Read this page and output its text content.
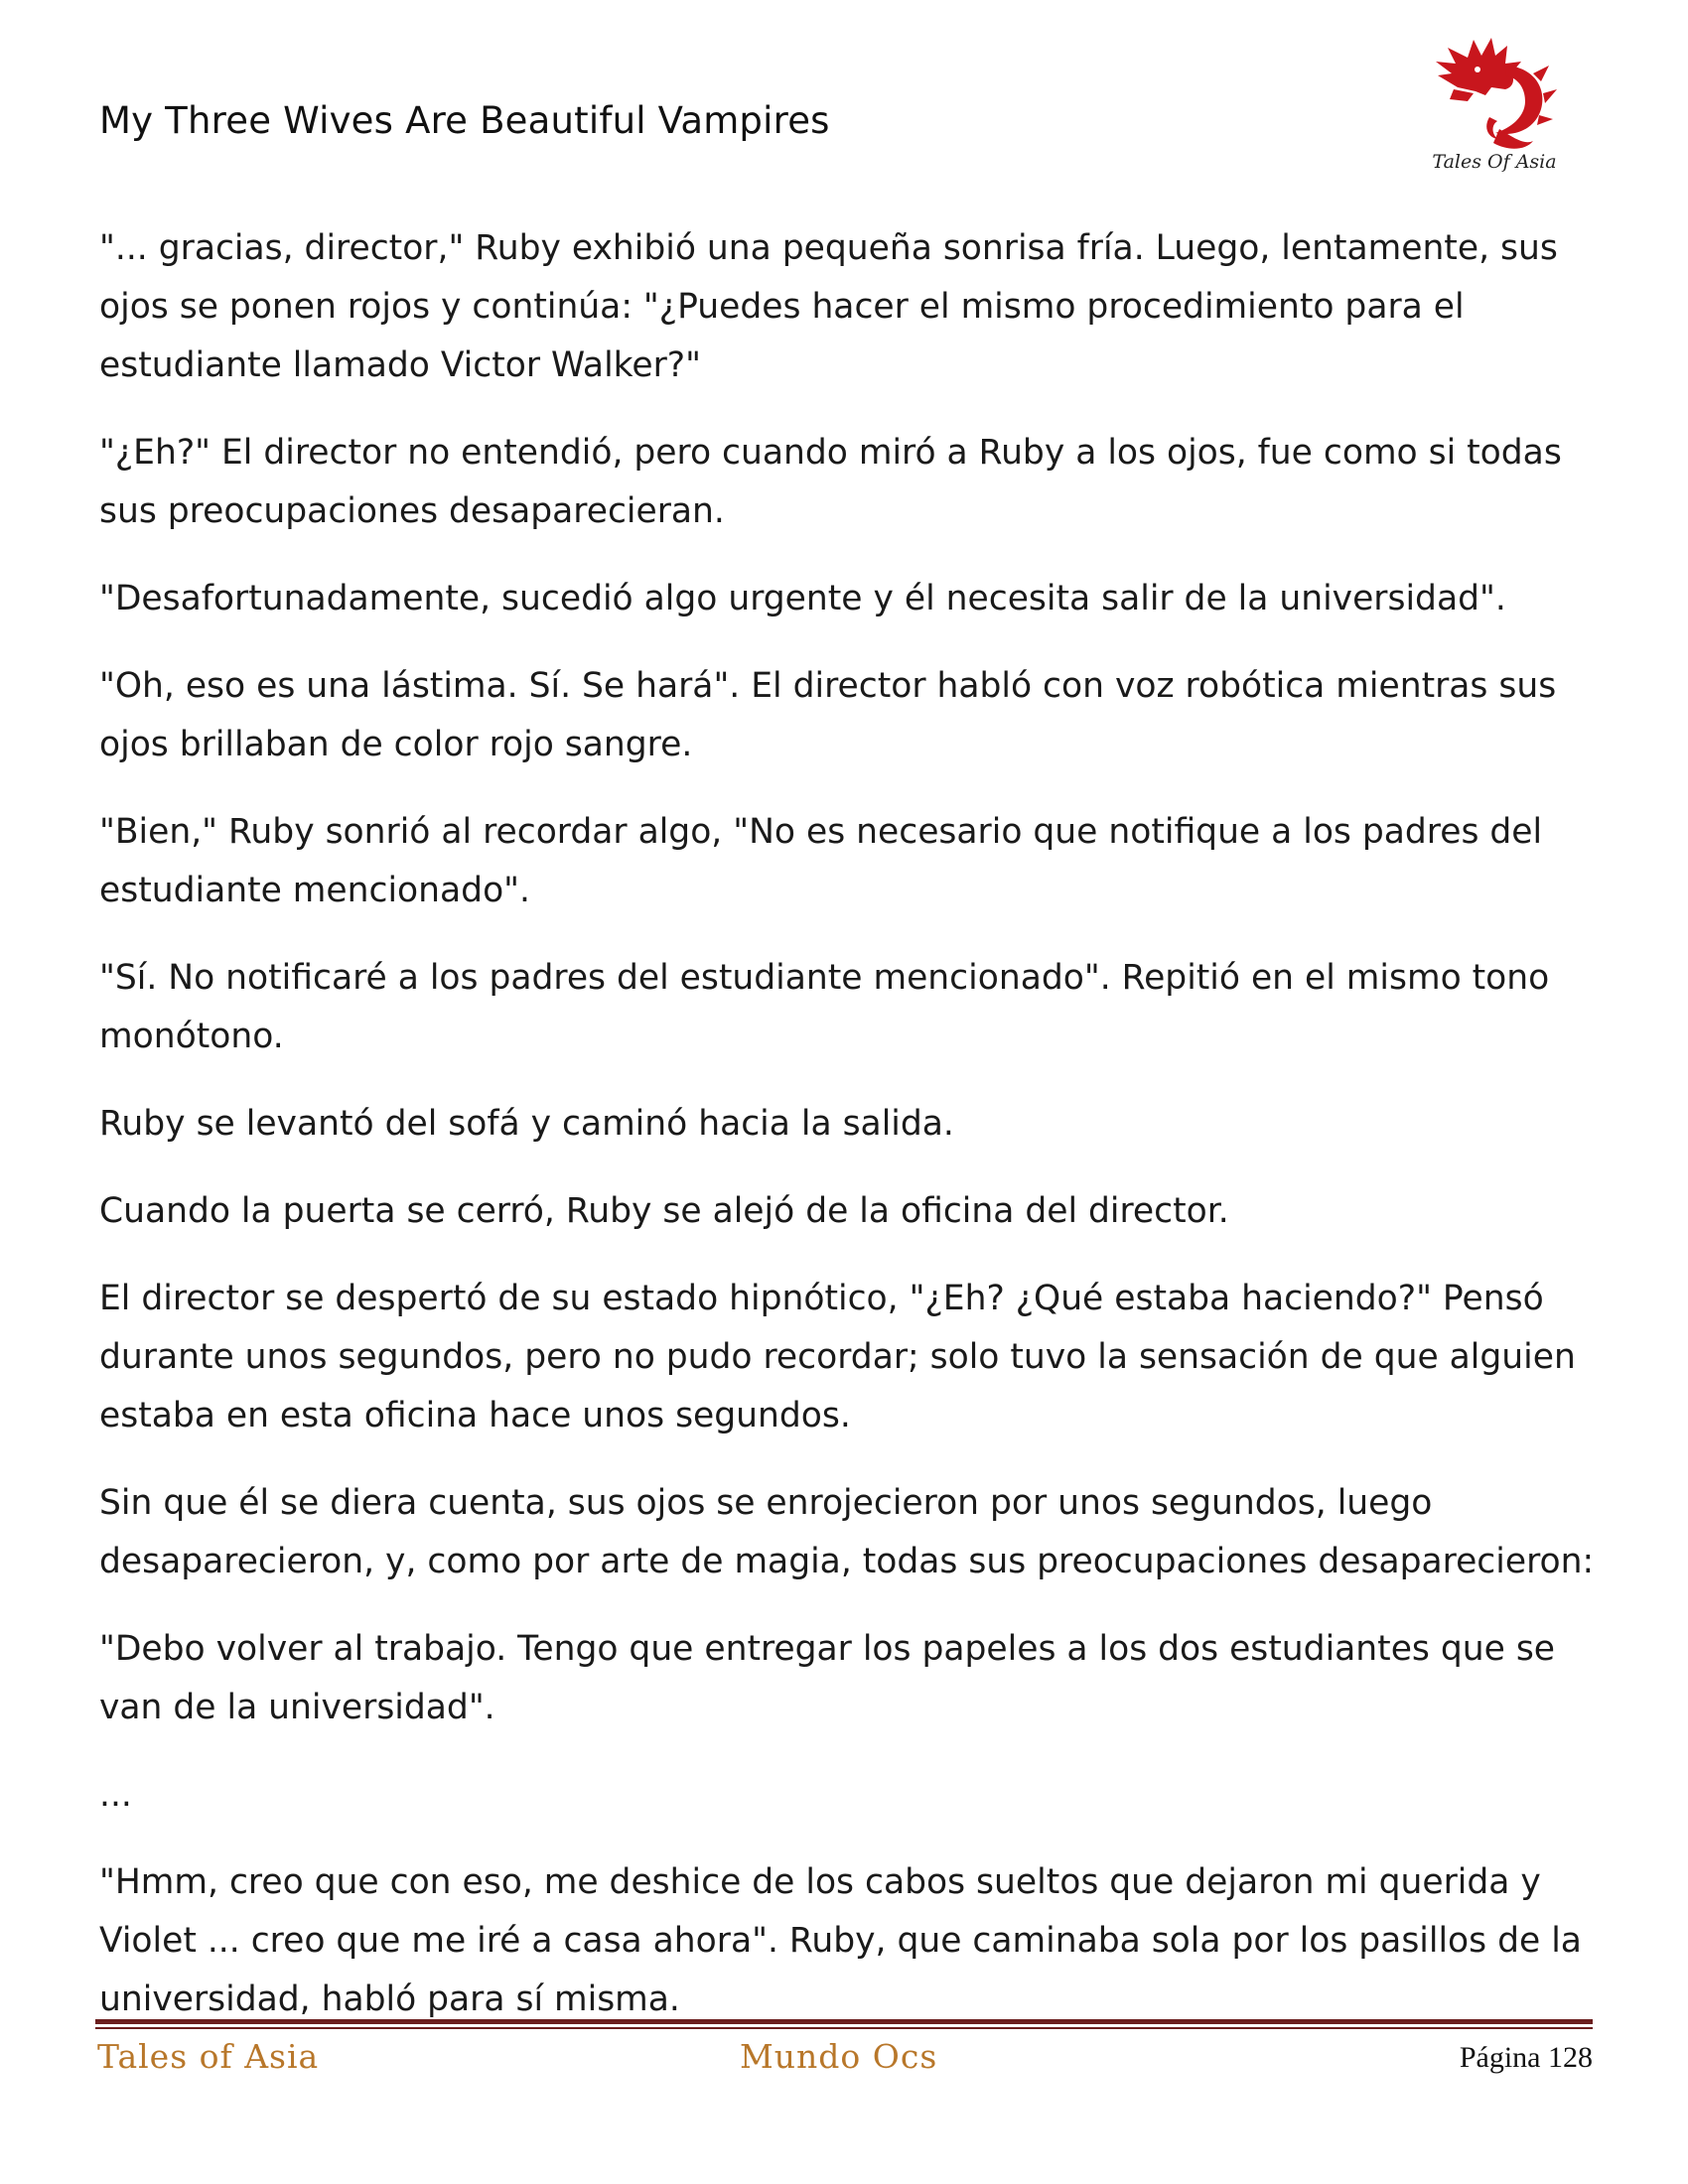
My Three Wives Are Beautiful Vampires
Tales Of Asia

"... gracias, director," Ruby exhibió una pequeña sonrisa fría. Luego, lentamente, sus
ojos se ponen rojos y continúa: "¿Puedes hacer el mismo procedimiento para el
estudiante llamado Victor Walker?"

"¿Eh?" El director no entendió, pero cuando miró a Ruby a los ojos, fue como si todas
sus preocupaciones desaparecieran.

"Desafortunadamente, sucedió algo urgente y él necesita salir de la universidad".

"Oh, eso es una lástima. Sí. Se hará". El director habló con voz robótica mientras sus
ojos brillaban de color rojo sangre.

"Bien," Ruby sonrió al recordar algo, "No es necesario que notifique a los padres del
estudiante mencionado".

"Sí. No notificaré a los padres del estudiante mencionado". Repitió en el mismo tono
monótono.

Ruby se levantó del sofá y caminó hacia la salida.

Cuando la puerta se cerró, Ruby se alejó de la oficina del director.

El director se despertó de su estado hipnótico, "¿Eh? ¿Qué estaba haciendo?" Pensó
durante unos segundos, pero no pudo recordar; solo tuvo la sensación de que alguien
estaba en esta oficina hace unos segundos.

Sin que él se diera cuenta, sus ojos se enrojecieron por unos segundos, luego
desaparecieron, y, como por arte de magia, todas sus preocupaciones desaparecieron:

"Debo volver al trabajo. Tengo que entregar los papeles a los dos estudiantes que se
van de la universidad".

...

"Hmm, creo que con eso, me deshice de los cabos sueltos que dejaron mi querida y
Violet ... creo que me iré a casa ahora". Ruby, que caminaba sola por los pasillos de la
universidad, habló para sí misma.

Tales of Asia	Mundo Ocs	Página 128
